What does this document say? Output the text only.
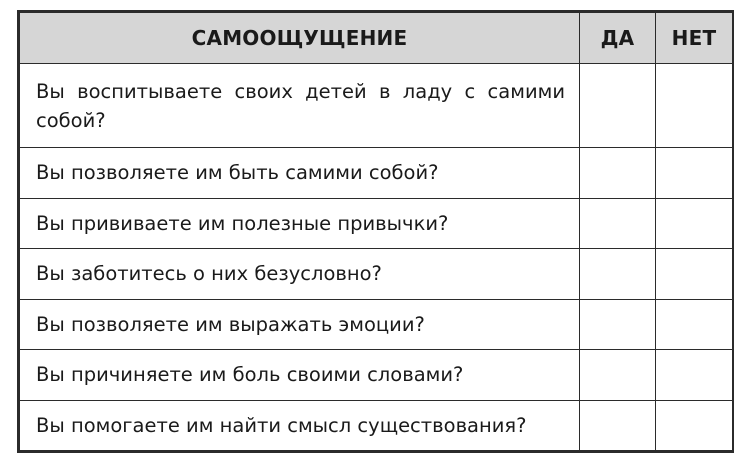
САМООЩУЩЕНИЕ	ДА	НЕТ
Вы воспитываете своих детей в ладу с самими собой?		
Вы позволяете им быть самими собой?		
Вы прививаете им полезные привычки?		
Вы заботитесь о них безусловно?		
Вы позволяете им выражать эмоции?		
Вы причиняете им боль своими словами?		
Вы помогаете им найти смысл существования?		
